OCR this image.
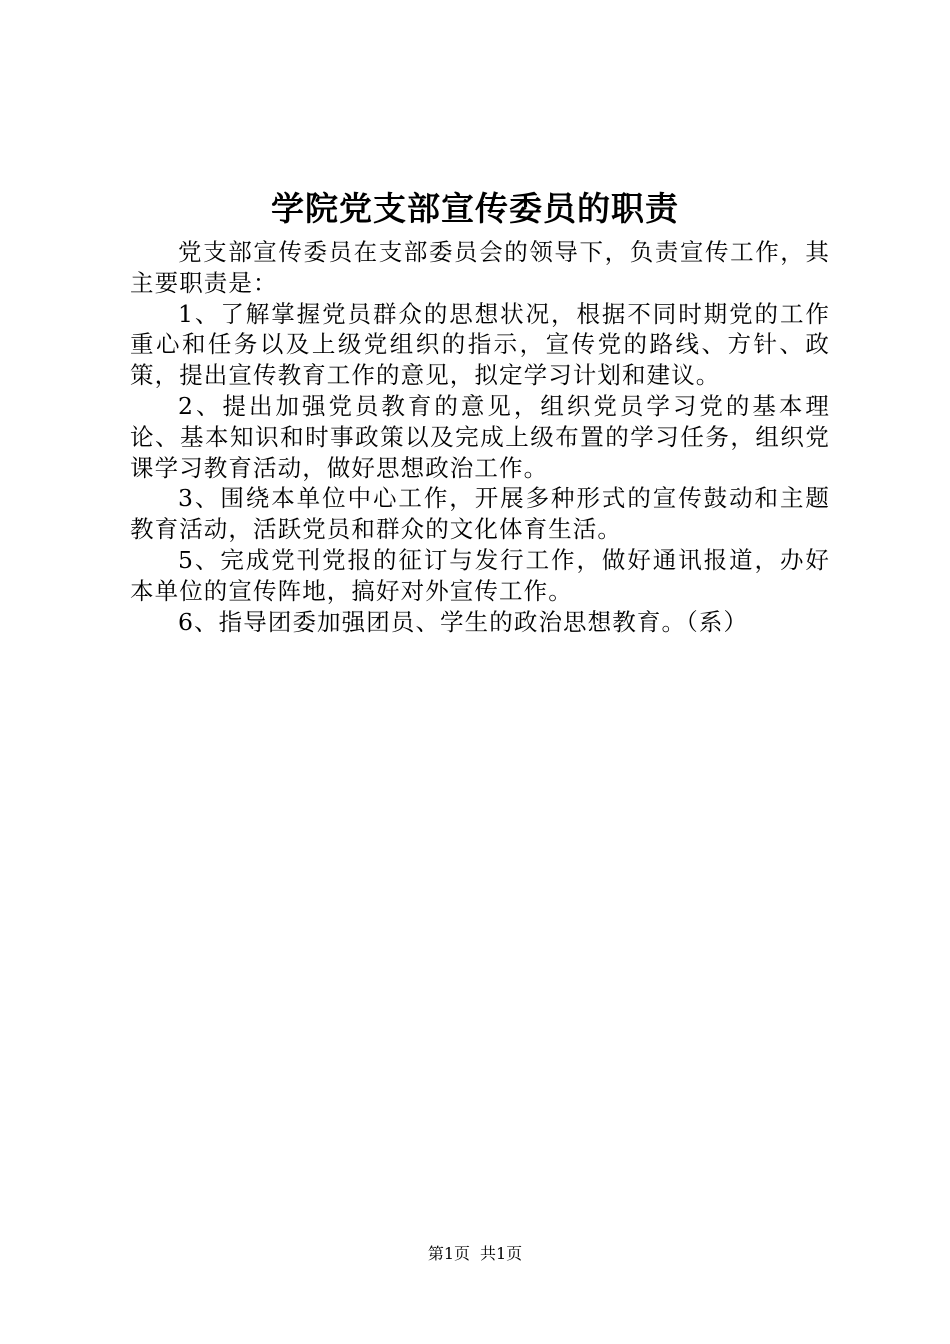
学院党支部宣传委员的职责

党支部宣传委员在支部委员会的领导下，负责宣传工作，其主要职责是：

1、了解掌握党员群众的思想状况，根据不同时期党的工作重心和任务以及上级党组织的指示，宣传党的路线、方针、政策，提出宣传教育工作的意见，拟定学习计划和建议。

2、提出加强党员教育的意见，组织党员学习党的基本理论、基本知识和时事政策以及完成上级布置的学习任务，组织党课学习教育活动，做好思想政治工作。

3、围绕本单位中心工作，开展多种形式的宣传鼓动和主题教育活动，活跃党员和群众的文化体育生活。

5、完成党刊党报的征订与发行工作，做好通讯报道，办好本单位的宣传阵地，搞好对外宣传工作。

6、指导团委加强团员、学生的政治思想教育。（系）

第1页 共1页
